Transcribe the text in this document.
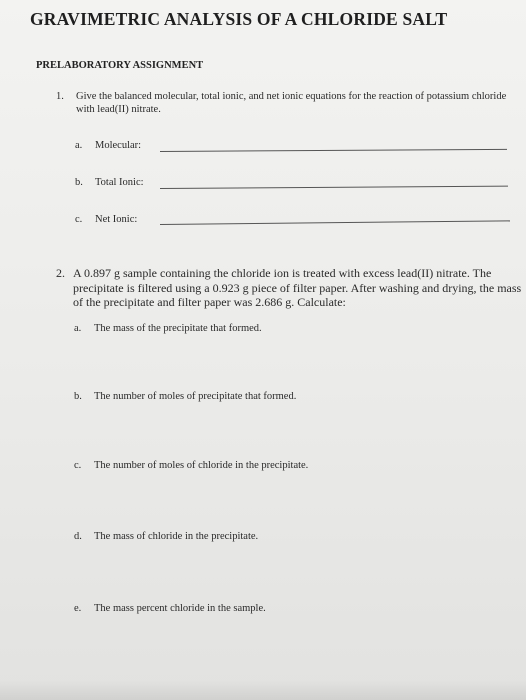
GRAVIMETRIC ANALYSIS OF A CHLORIDE SALT
PRELABORATORY ASSIGNMENT
1. Give the balanced molecular, total ionic, and net ionic equations for the reaction of potassium chloride with lead(II) nitrate.
a. Molecular:
b. Total Ionic:
c. Net Ionic:
2. A 0.897 g sample containing the chloride ion is treated with excess lead(II) nitrate. The precipitate is filtered using a 0.923 g piece of filter paper. After washing and drying, the mass of the precipitate and filter paper was 2.686 g. Calculate:
a. The mass of the precipitate that formed.
b. The number of moles of precipitate that formed.
c. The number of moles of chloride in the precipitate.
d. The mass of chloride in the precipitate.
e. The mass percent chloride in the sample.
